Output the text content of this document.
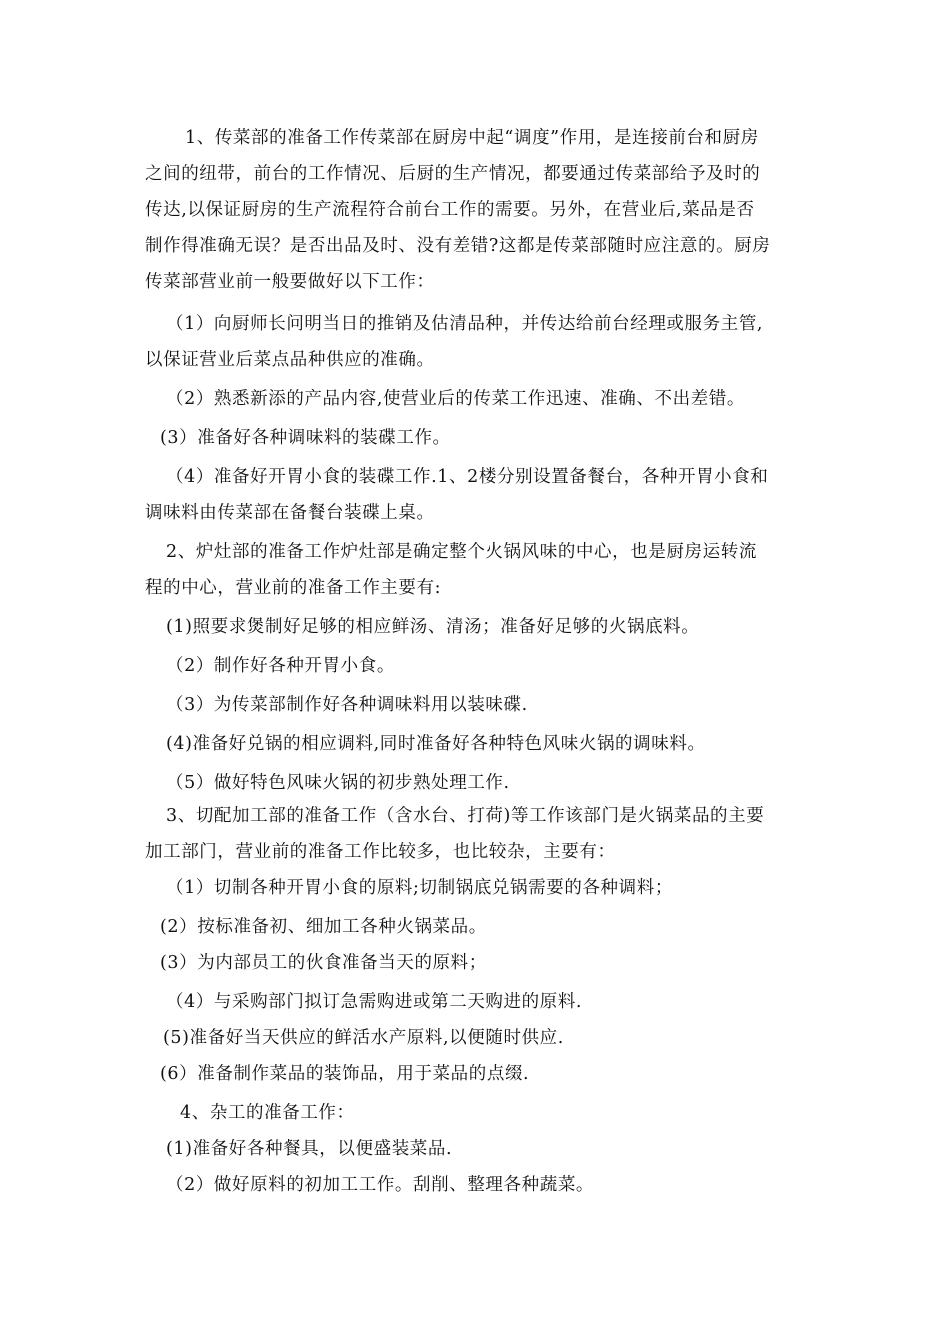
1、传菜部的准备工作传菜部在厨房中起“调度”作用，是连接前台和厨房
之间的纽带，前台的工作情况、后厨的生产情况，都要通过传菜部给予及时的
传达,以保证厨房的生产流程符合前台工作的需要。另外，在营业后,菜品是否
制作得准确无误？是否出品及时、没有差错?这都是传菜部随时应注意的。厨房
传菜部营业前一般要做好以下工作：
（1）向厨师长问明当日的推销及估清品种，并传达给前台经理或服务主管,
以保证营业后菜点品种供应的准确。
（2）熟悉新添的产品内容,使营业后的传菜工作迅速、准确、不出差错。
(3）准备好各种调味料的装碟工作。
（4）准备好开胃小食的装碟工作.1、2楼分别设置备餐台，各种开胃小食和
调味料由传菜部在备餐台装碟上桌。
2、炉灶部的准备工作炉灶部是确定整个火锅风味的中心，也是厨房运转流
程的中心，营业前的准备工作主要有:
(1)照要求煲制好足够的相应鲜汤、清汤；准备好足够的火锅底料。
（2）制作好各种开胃小食。
（3）为传菜部制作好各种调味料用以装味碟.
(4)准备好兑锅的相应调料,同时准备好各种特色风味火锅的调味料。
（5）做好特色风味火锅的初步熟处理工作.
3、切配加工部的准备工作（含水台、打荷)等工作该部门是火锅菜品的主要
加工部门，营业前的准备工作比较多，也比较杂，主要有：
（1）切制各种开胃小食的原料;切制锅底兑锅需要的各种调料；
(2）按标准备初、细加工各种火锅菜品。
(3）为内部员工的伙食准备当天的原料；
（4）与采购部门拟订急需购进或第二天购进的原料.
(5)准备好当天供应的鲜活水产原料,以便随时供应.
(6）准备制作菜品的装饰品，用于菜品的点缀.
4、杂工的准备工作：
(1)准备好各种餐具，以便盛装菜品.
（2）做好原料的初加工工作。刮削、整理各种蔬菜。
